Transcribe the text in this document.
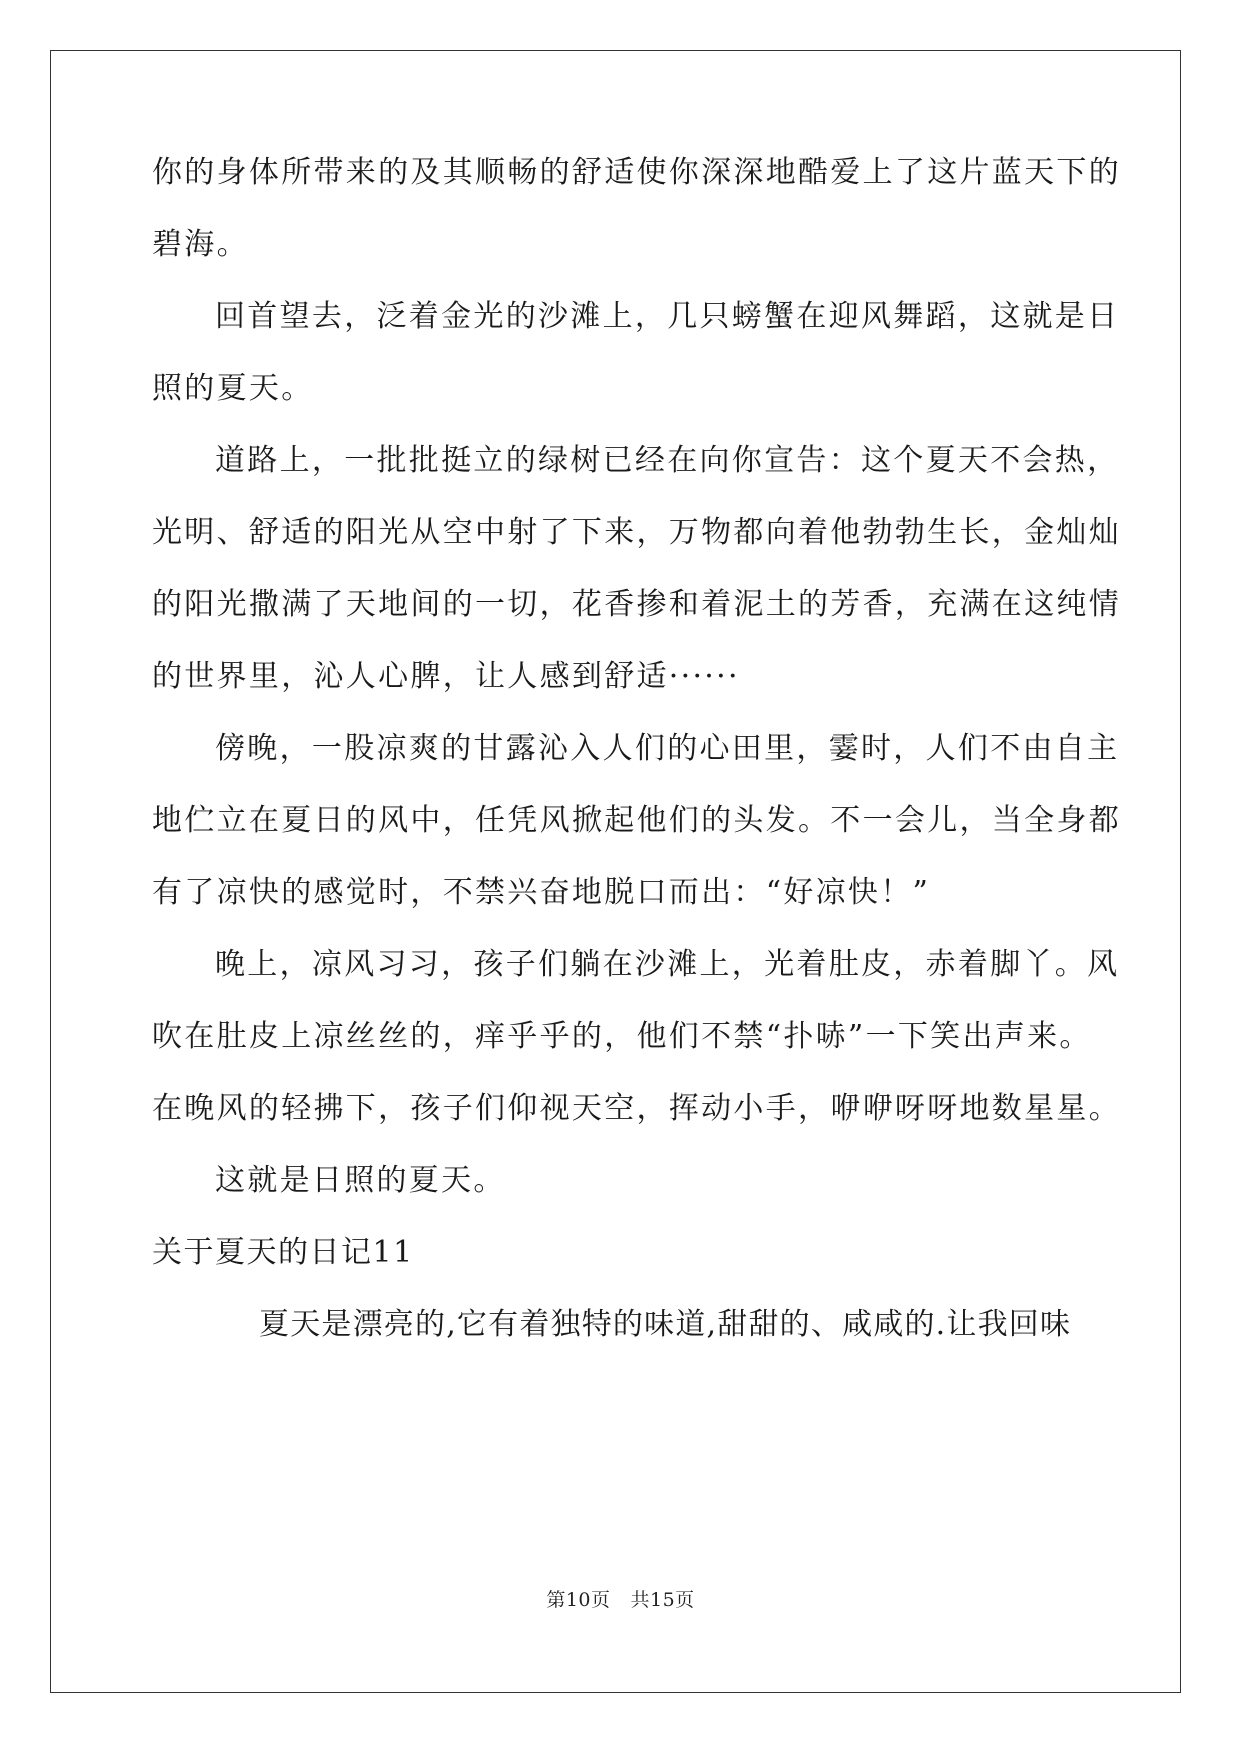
你的身体所带来的及其顺畅的舒适使你深深地酷爱上了这片蓝天下的
碧海。
回首望去，泛着金光的沙滩上，几只螃蟹在迎风舞蹈，这就是日
照的夏天。
道路上，一批批挺立的绿树已经在向你宣告：这个夏天不会热，
光明、舒适的阳光从空中射了下来，万物都向着他勃勃生长，金灿灿
的阳光撒满了天地间的一切，花香掺和着泥土的芳香，充满在这纯情
的世界里，沁人心脾，让人感到舒适······
傍晚，一股凉爽的甘露沁入人们的心田里，霎时，人们不由自主
地伫立在夏日的风中，任凭风掀起他们的头发。不一会儿，当全身都
有了凉快的感觉时，不禁兴奋地脱口而出：“好凉快！”
晚上，凉风习习，孩子们躺在沙滩上，光着肚皮，赤着脚丫。风
吹在肚皮上凉丝丝的，痒乎乎的，他们不禁“扑哧”一下笑出声来。
在晚风的轻拂下，孩子们仰视天空，挥动小手，咿咿呀呀地数星星。
这就是日照的夏天。
关于夏天的日记11
夏天是漂亮的,它有着独特的味道,甜甜的、咸咸的.让我回味
第10页 共15页
